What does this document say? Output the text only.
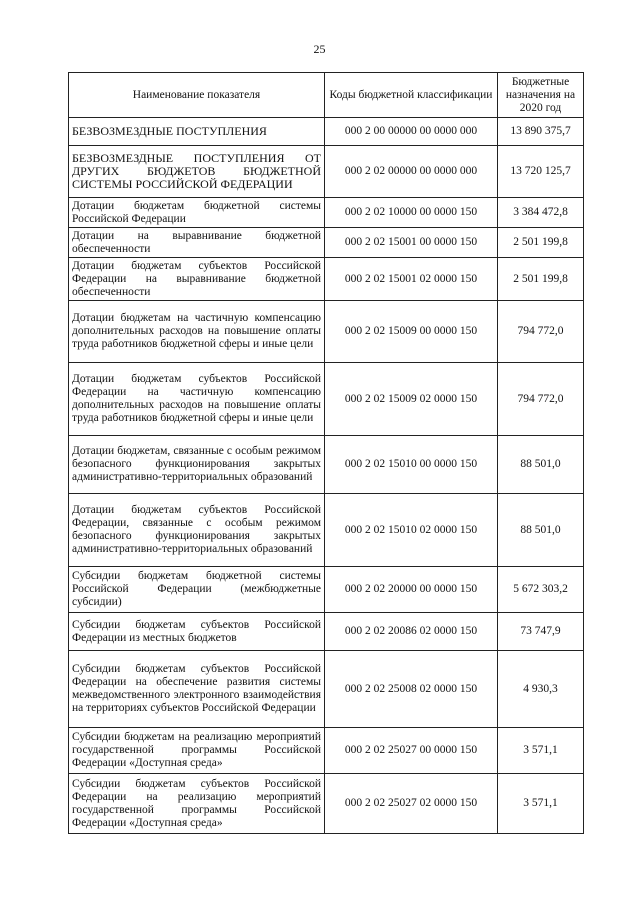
25
Наименование показателя	Коды бюджетной классификации	Бюджетные назначения на 2020 год
БЕЗВОЗМЕЗДНЫЕ ПОСТУПЛЕНИЯ	000 2 00 00000 00 0000 000	13 890 375,7
БЕЗВОЗМЕЗДНЫЕ ПОСТУПЛЕНИЯ ОТ ДРУГИХ БЮДЖЕТОВ БЮДЖЕТНОЙ СИСТЕМЫ РОССИЙСКОЙ ФЕДЕРАЦИИ	000 2 02 00000 00 0000 000	13 720 125,7
Дотации бюджетам бюджетной системы Российской Федерации	000 2 02 10000 00 0000 150	3 384 472,8
Дотации на выравнивание бюджетной обеспеченности	000 2 02 15001 00 0000 150	2 501 199,8
Дотации бюджетам субъектов Российской Федерации на выравнивание бюджетной обеспеченности	000 2 02 15001 02 0000 150	2 501 199,8
Дотации бюджетам на частичную компенсацию дополнительных расходов на повышение оплаты труда работников бюджетной сферы и иные цели	000 2 02 15009 00 0000 150	794 772,0
Дотации бюджетам субъектов Российской Федерации на частичную компенсацию дополнительных расходов на повышение оплаты труда работников бюджетной сферы и иные цели	000 2 02 15009 02 0000 150	794 772,0
Дотации бюджетам, связанные с особым режимом безопасного функционирования закрытых административно-территориальных образований	000 2 02 15010 00 0000 150	88 501,0
Дотации бюджетам субъектов Российской Федерации, связанные с особым режимом безопасного функционирования закрытых административно-территориальных образований	000 2 02 15010 02 0000 150	88 501,0
Субсидии бюджетам бюджетной системы Российской Федерации (межбюджетные субсидии)	000 2 02 20000 00 0000 150	5 672 303,2
Субсидии бюджетам субъектов Российской Федерации из местных бюджетов	000 2 02 20086 02 0000 150	73 747,9
Субсидии бюджетам субъектов Российской Федерации на обеспечение развития системы межведомственного электронного взаимодействия на территориях субъектов Российской Федерации	000 2 02 25008 02 0000 150	4 930,3
Субсидии бюджетам на реализацию мероприятий государственной программы Российской Федерации «Доступная среда»	000 2 02 25027 00 0000 150	3 571,1
Субсидии бюджетам субъектов Российской Федерации на реализацию мероприятий государственной программы Российской Федерации «Доступная среда»	000 2 02 25027 02 0000 150	3 571,1
